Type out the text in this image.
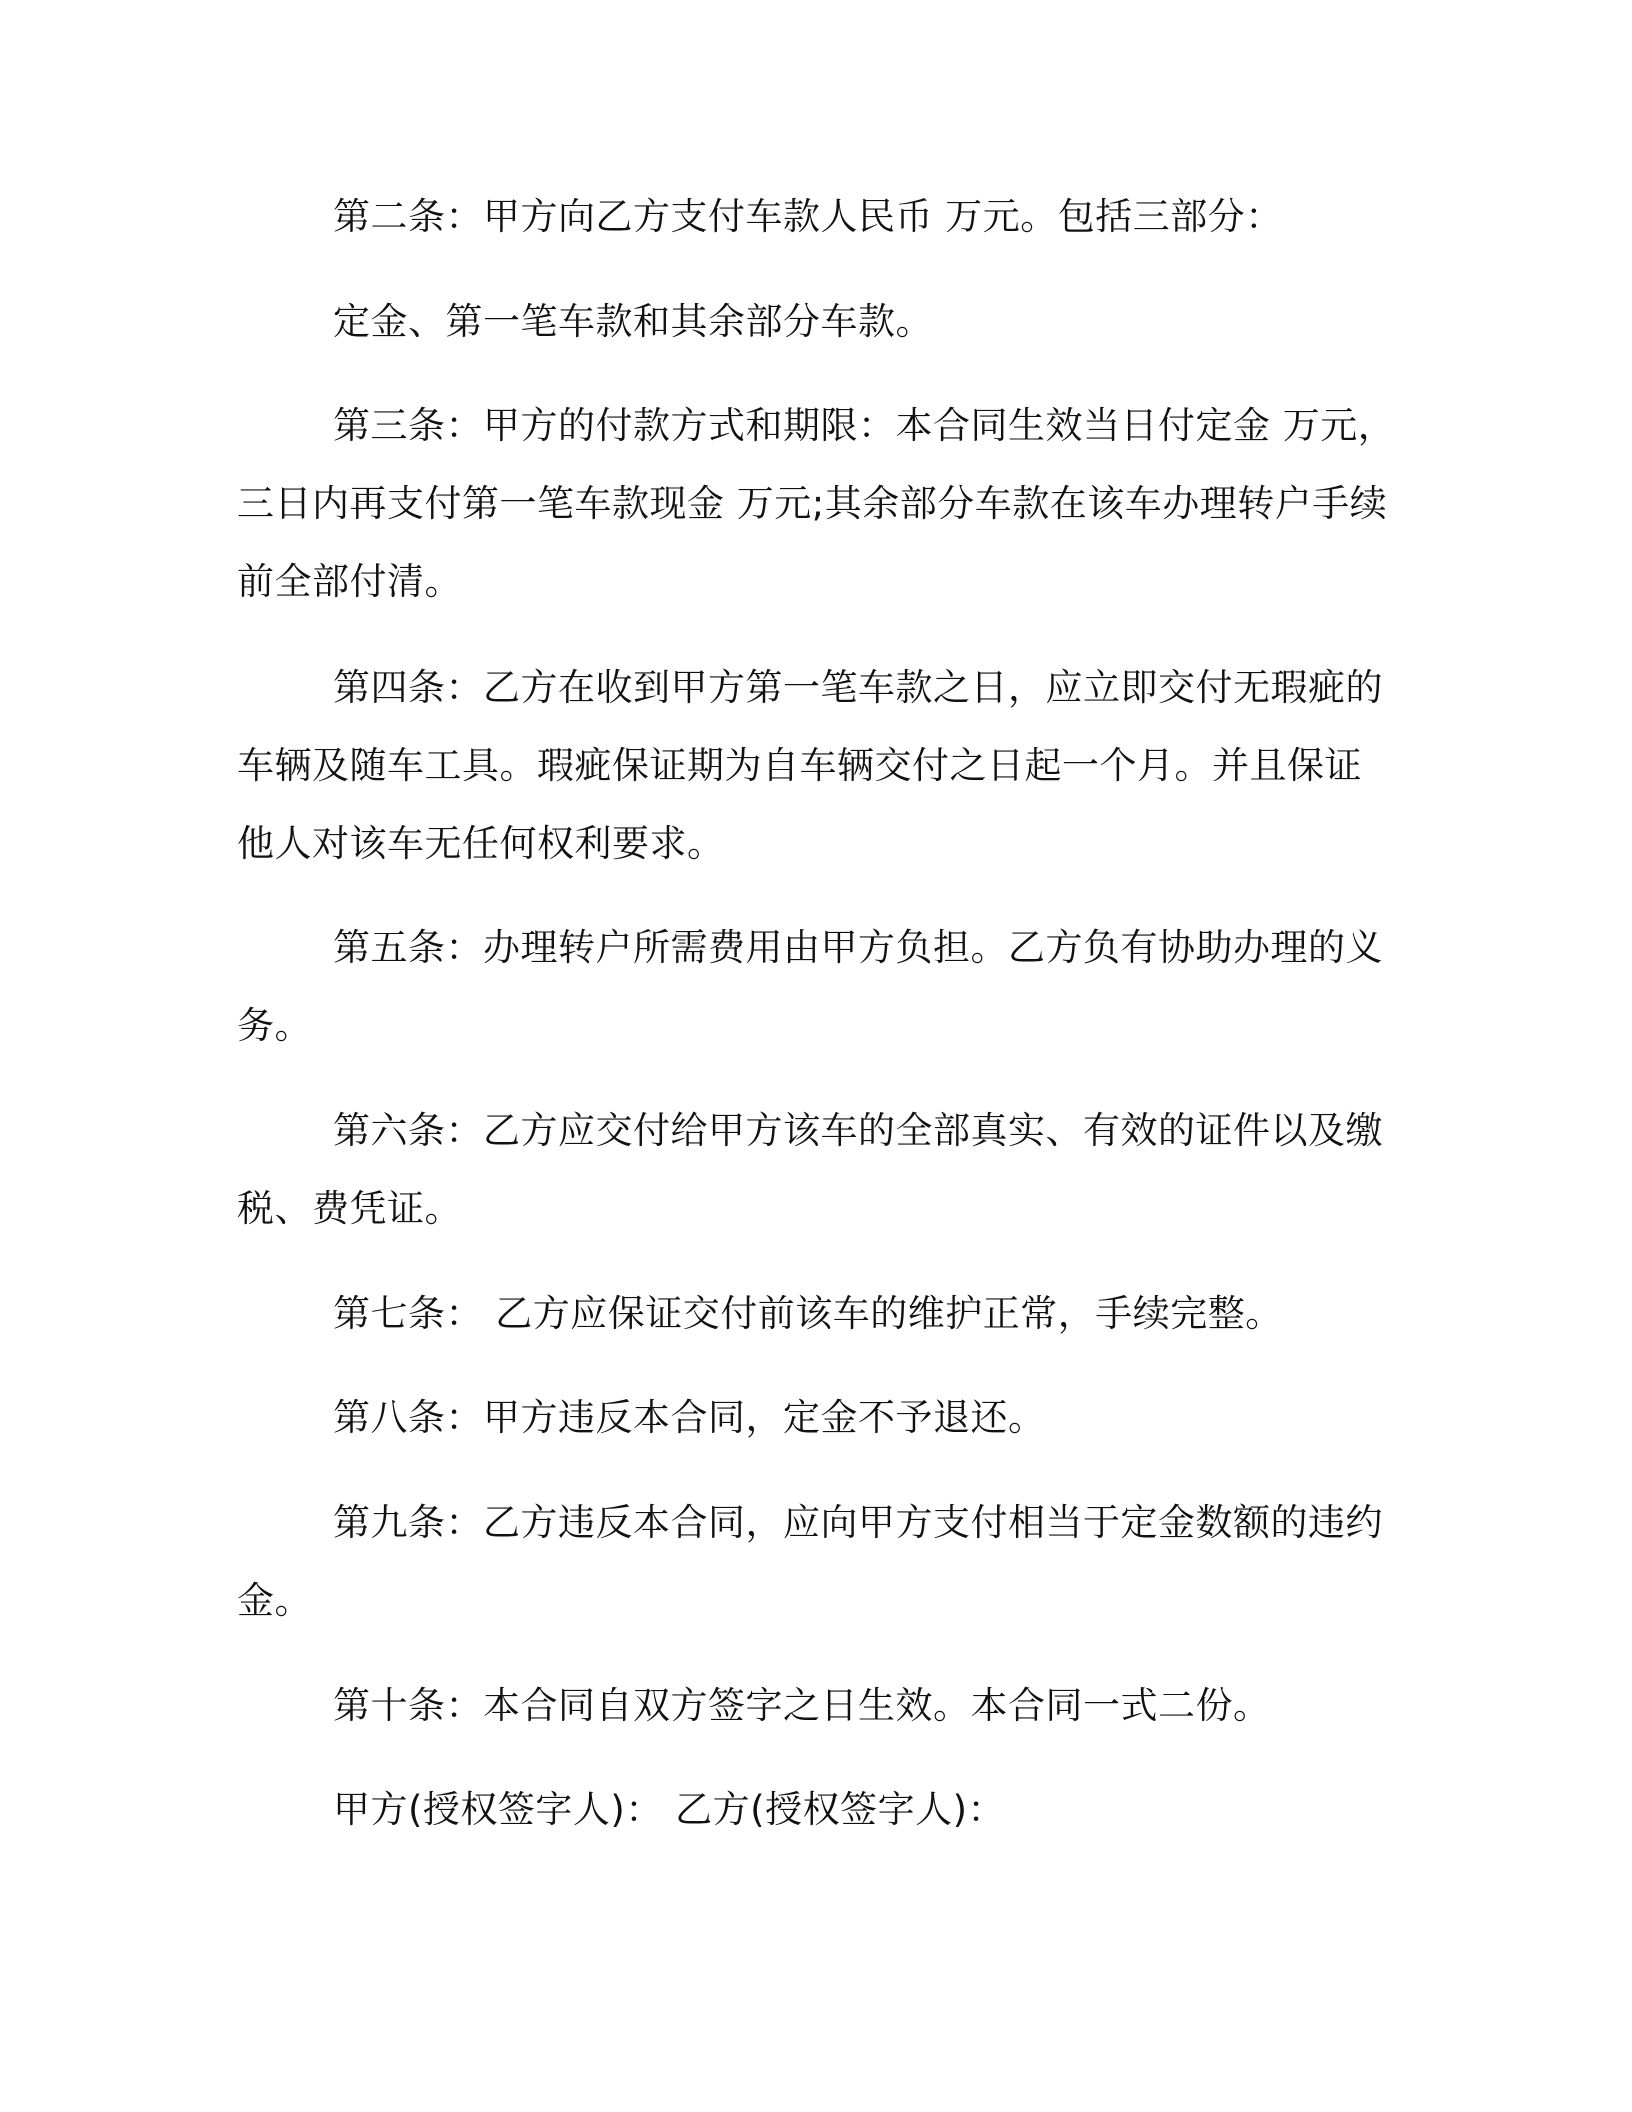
第二条：甲方向乙方支付车款人民币 万元。包括三部分：

定金、第一笔车款和其余部分车款。

第三条：甲方的付款方式和期限：本合同生效当日付定金 万元，
三日内再支付第一笔车款现金 万元;其余部分车款在该车办理转户手续
前全部付清。

第四条：乙方在收到甲方第一笔车款之日，应立即交付无瑕疵的
车辆及随车工具。瑕疵保证期为自车辆交付之日起一个月。并且保证
他人对该车无任何权利要求。

第五条：办理转户所需费用由甲方负担。乙方负有协助办理的义
务。

第六条：乙方应交付给甲方该车的全部真实、有效的证件以及缴
税、费凭证。

第七条： 乙方应保证交付前该车的维护正常，手续完整。

第八条：甲方违反本合同，定金不予退还。

第九条：乙方违反本合同，应向甲方支付相当于定金数额的违约
金。

第十条：本合同自双方签字之日生效。本合同一式二份。

甲方(授权签字人)： 乙方(授权签字人)：
